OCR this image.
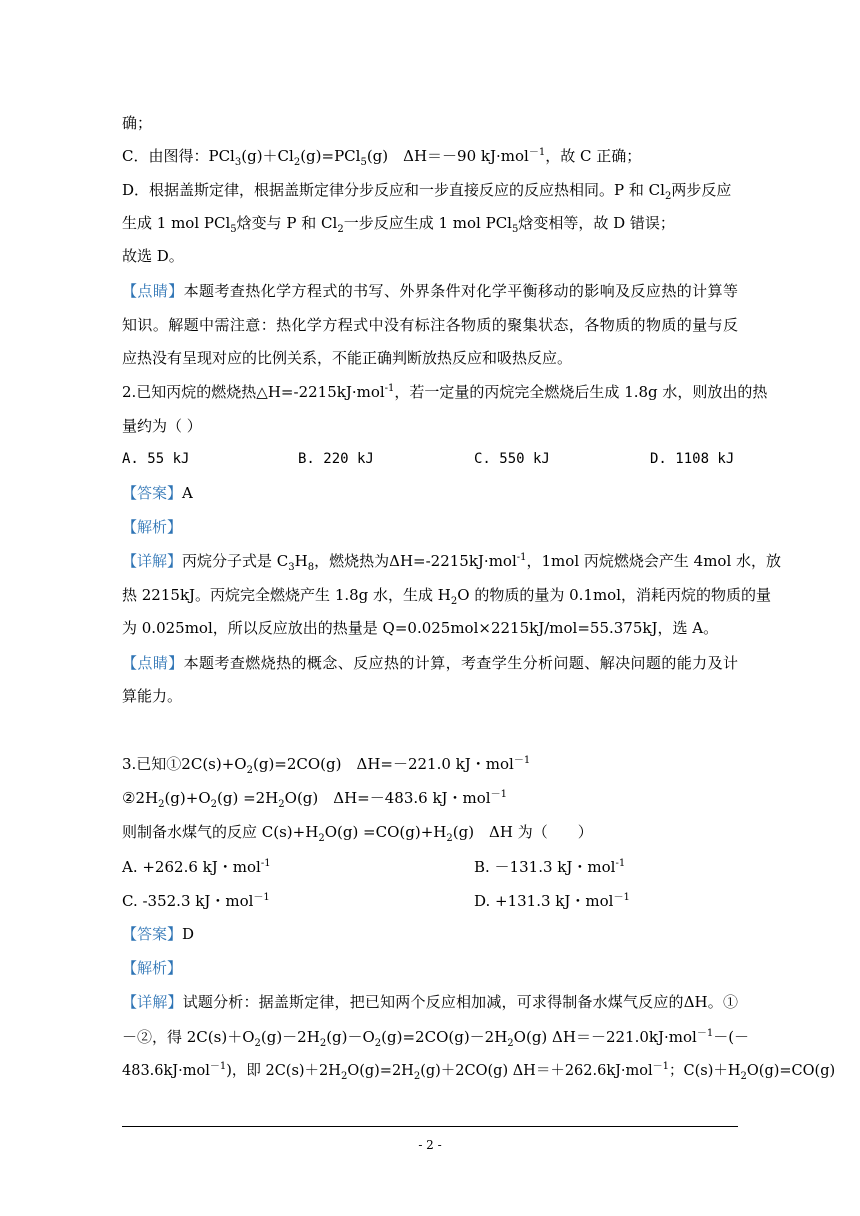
确；
C．由图得：$PCl_3(g)+Cl_2(g)=PCl_5(g)$　ΔH＝－90 kJ·mol$^{-1}$，故 C 正确；
D．根据盖斯定律，根据盖斯定律分步反应和一步直接反应的反应热相同。P 和 $Cl_2$两步反应
生成 1 mol PCl$_5$焓变与 P 和 $Cl_2$一步反应生成 1 mol PCl$_5$焓变相等，故 D 错误；
故选 D。
【点睛】本题考查热化学方程式的书写、外界条件对化学平衡移动的影响及反应热的计算等
知识。解题中需注意：热化学方程式中没有标注各物质的聚集状态，各物质的物质的量与反
应热没有呈现对应的比例关系，不能正确判断放热反应和吸热反应。
2.已知丙烷的燃烧热△H=-2215kJ·mol$^{-1}$，若一定量的丙烷完全燃烧后生成 1.8g 水，则放出的热
量约为（ ）
A. 55 kJ	B. 220 kJ	C. 550 kJ	D. 1108 kJ
【答案】A
【解析】
【详解】丙烷分子式是 $C_3H_8$，燃烧热为ΔH=-2215kJ·mol$^{-1}$，1mol 丙烷燃烧会产生 4mol 水，放
热 2215kJ。丙烷完全燃烧产生 1.8g 水，生成 $H_2O$ 的物质的量为 0.1mol，消耗丙烷的物质的量
为 0.025mol，所以反应放出的热量是 Q=0.025mol×2215kJ/mol=55.375kJ，选 A。
【点睛】本题考查燃烧热的概念、反应热的计算，考查学生分析问题、解决问题的能力及计
算能力。
3.已知$①2C(s)+O_2(g)=2CO(g)$　ΔH=－221.0 kJ・mol$^{-1}$
$②2H_2(g)+O_2(g) =2H_2O(g)$　ΔH=－483.6 kJ・mol$^{-1}$
则制备水煤气的反应 $C(s)+H_2O(g) =CO(g)+H_2(g)$　ΔH 为（　　）
A. +262.6 kJ・mol$^{-1}$	B. －131.3 kJ・mol$^{-1}$
C. -352.3 kJ・mol$^{-1}$	D. +131.3 kJ・mol$^{-1}$
【答案】D
【解析】
【详解】试题分析：据盖斯定律，把已知两个反应相加减，可求得制备水煤气反应的ΔH。①
－②，得 $2C(s)+O_2(g)-2H_2(g)-O_2(g)=2CO(g)-2H_2O(g)$ ΔH＝－221.0kJ·mol$^{-1}$－(－
483.6kJ·mol$^{-1}$)，即 $2C(s)+2H_2O(g)=2H_2(g)+2CO(g)$ ΔH＝＋262.6kJ·mol$^{-1}$；$C(s)+H_2O(g)=CO(g)$
- 2 -
